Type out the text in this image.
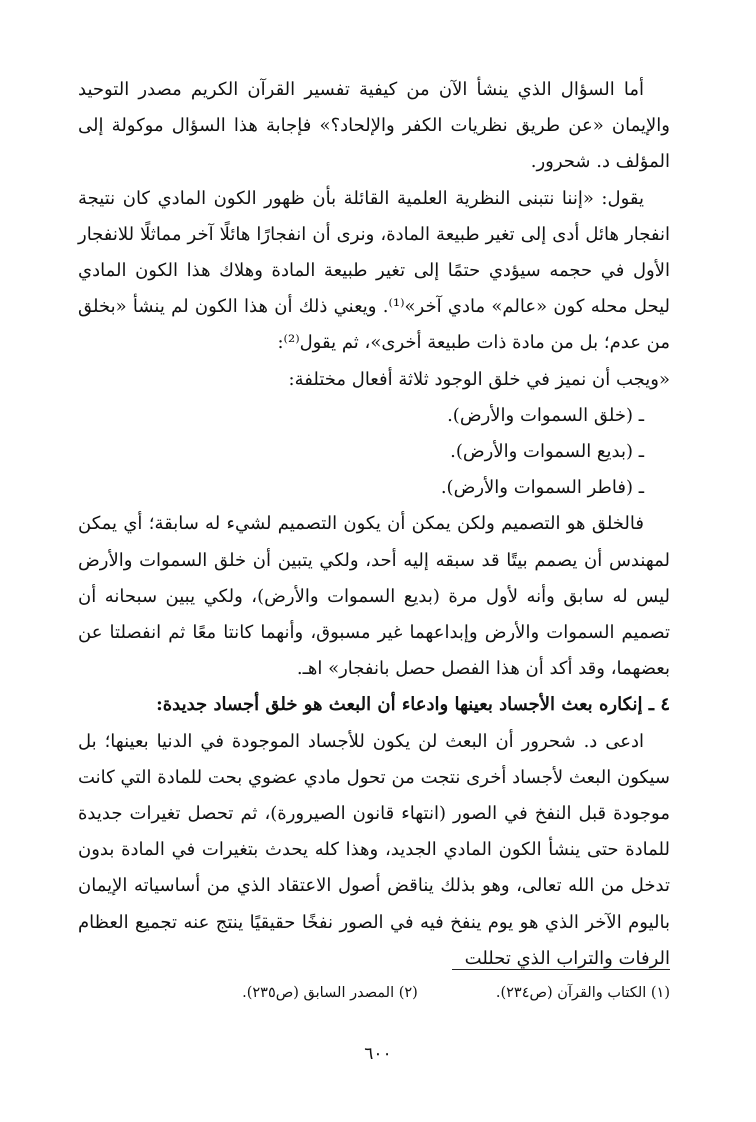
أما السؤال الذي ينشأ الآن من كيفية تفسير القرآن الكريم مصدر التوحيد والإيمان «عن طريق نظريات الكفر والإلحاد؟» فإجابة هذا السؤال موكولة إلى المؤلف د. شحرور.

يقول: «إننا نتبنى النظرية العلمية القائلة بأن ظهور الكون المادي كان نتيجة انفجار هائل أدى إلى تغير طبيعة المادة، ونرى أن انفجارًا هائلًا آخر مماثلًا للانفجار الأول في حجمه سيؤدي حتمًا إلى تغير طبيعة المادة وهلاك هذا الكون المادي ليحل محله كون «عالم» مادي آخر»⁽¹⁾. ويعني ذلك أن هذا الكون لم ينشأ «بخلق من عدم؛ بل من مادة ذات طبيعة أخرى»، ثم يقول⁽²⁾:

«ويجب أن نميز في خلق الوجود ثلاثة أفعال مختلفة:

ـ (خلق السموات والأرض).

ـ (بديع السموات والأرض).

ـ (فاطر السموات والأرض).

فالخلق هو التصميم ولكن يمكن أن يكون التصميم لشيء له سابقة؛ أي يمكن لمهندس أن يصمم بيتًا قد سبقه إليه أحد، ولكي يتبين أن خلق السموات والأرض ليس له سابق وأنه لأول مرة (بديع السموات والأرض)، ولكي يبين سبحانه أن تصميم السموات والأرض وإبداعهما غير مسبوق، وأنهما كانتا معًا ثم انفصلتا عن بعضهما، وقد أكد أن هذا الفصل حصل بانفجار» اهـ.

٤ ـ إنكاره بعث الأجساد بعينها وادعاء أن البعث هو خلق أجساد جديدة:

ادعى د. شحرور أن البعث لن يكون للأجساد الموجودة في الدنيا بعينها؛ بل سيكون البعث لأجساد أخرى نتجت من تحول مادي عضوي بحت للمادة التي كانت موجودة قبل النفخ في الصور (انتهاء قانون الصيرورة)، ثم تحصل تغيرات جديدة للمادة حتى ينشأ الكون المادي الجديد، وهذا كله يحدث بتغيرات في المادة بدون تدخل من الله تعالى، وهو بذلك يناقض أصول الاعتقاد الذي من أساسياته الإيمان باليوم الآخر الذي هو يوم ينفخ فيه في الصور نفخًا حقيقيًا ينتج عنه تجميع العظام الرفات والتراب الذي تحللت

(١) الكتاب والقرآن (ص٢٣٤).
(٢) المصدر السابق (ص٢٣٥).
٦٠٠
